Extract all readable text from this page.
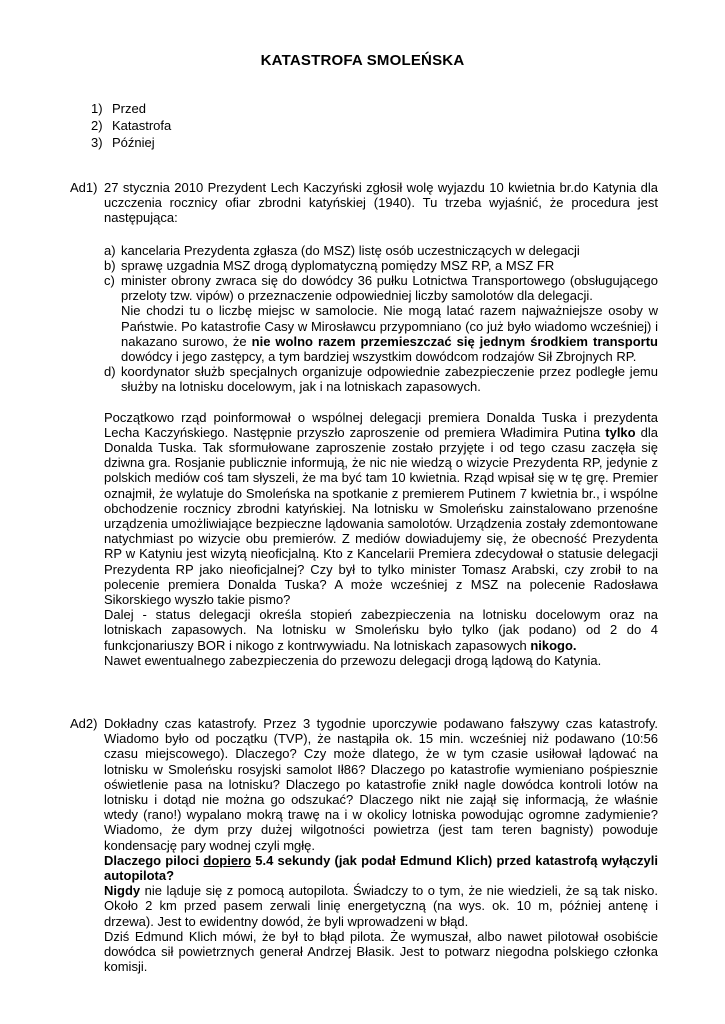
KATASTROFA SMOLEŃSKA
1) Przed
2) Katastrofa
3) Później
Ad1) 27 stycznia 2010 Prezydent Lech Kaczyński zgłosił wolę wyjazdu 10 kwietnia br.do Katynia dla uczczenia rocznicy ofiar zbrodni katyńskiej (1940). Tu trzeba wyjaśnić, że procedura jest następująca:

a) kancelaria Prezydenta zgłasza (do MSZ) listę osób uczestniczących w delegacji
b) sprawę uzgadnia MSZ drogą dyplomatyczną pomiędzy MSZ RP, a MSZ FR
c) minister obrony zwraca się do dowódcy 36 pułku Lotnictwa Transportowego (obsługującego przeloty tzw. vipów) o przeznaczenie odpowiedniej liczby samolotów dla delegacji.
Nie chodzi tu o liczbę miejsc w samolocie. Nie mogą latać razem najważniejsze osoby w Państwie. Po katastrofie Casy w Mirosławcu przypomniano (co już było wiadomo wcześniej) i nakazano surowo, że nie wolno razem przemieszczać się jednym środkiem transportu dowódcy i jego zastępcy, a tym bardziej wszystkim dowódcom rodzajów Sił Zbrojnych RP.
d) koordynator służb specjalnych organizuje odpowiednie zabezpieczenie przez podległe jemu służby na lotnisku docelowym, jak i na lotniskach zapasowych.

Początkowo rząd poinformował o wspólnej delegacji premiera Donalda Tuska i prezydenta Lecha Kaczyńskiego. Następnie przyszło zaproszenie od premiera Władimira Putina tylko dla Donalda Tuska. Tak sformułowane zaproszenie zostało przyjęte i od tego czasu zaczęła się dziwna gra. Rosjanie publicznie informują, że nic nie wiedzą o wizycie Prezydenta RP, jedynie z polskich mediów coś tam słyszeli, że ma być tam 10 kwietnia. Rząd wpisał się w tę grę. Premier oznajmił, że wylatuje do Smoleńska na spotkanie z premierem Putinem 7 kwietnia br., i wspólne obchodzenie rocznicy zbrodni katyńskiej. Na lotnisku w Smoleńsku zainstalowano przenośne urządzenia umożliwiające bezpieczne lądowania samolotów. Urządzenia zostały zdemontowane natychmiast po wizycie obu premierów. Z mediów dowiadujemy się, że obecność Prezydenta RP w Katyniu jest wizytą nieoficjalną. Kto z Kancelarii Premiera zdecydował o statusie delegacji Prezydenta RP jako nieoficjalnej? Czy był to tylko minister Tomasz Arabski, czy zrobił to na polecenie premiera Donalda Tuska? A może wcześniej z MSZ na polecenie Radosława Sikorskiego wyszło takie pismo?

Dalej - status delegacji określa stopień zabezpieczenia na lotnisku docelowym oraz na lotniskach zapasowych. Na lotnisku w Smoleńsku było tylko (jak podano) od 2 do 4 funkcjonariuszy BOR i nikogo z kontrwywiadu. Na lotniskach zapasowych nikogo.

Nawet ewentualnego zabezpieczenia do przewozu delegacji drogą lądową do Katynia.

Ad2) Dokładny czas katastrofy. Przez 3 tygodnie uporczywie podawano fałszywy czas katastrofy. Wiadomo było od początku (TVP), że nastąpiła ok. 15 min. wcześniej niż podawano (10:56 czasu miejscowego). Dlaczego? Czy może dlatego, że w tym czasie usiłował lądować na lotnisku w Smoleńsku rosyjski samolot Ił86? Dlaczego po katastrofie wymieniano pośpiesznie oświetlenie pasa na lotnisku? Dlaczego po katastrofie znikł nagle dowódca kontroli lotów na lotnisku i dotąd nie można go odszukać? Dlaczego nikt nie zajął się informacją, że właśnie wtedy (rano!) wypalano mokrą trawę na i w okolicy lotniska powodując ogromne zadymienie? Wiadomo, że dym przy dużej wilgotności powietrza (jest tam teren bagnisty) powoduje kondensację pary wodnej czyli mgłę.

Dlaczego piloci dopiero 5.4 sekundy (jak podał Edmund Klich) przed katastrofą wyłączyli autopilota?

Nigdy nie ląduje się z pomocą autopilota. Świadczy to o tym, że nie wiedzieli, że są tak nisko. Około 2 km przed pasem zerwali linię energetyczną (na wys. ok. 10 m, później antenę i drzewa). Jest to ewidentny dowód, że byli wprowadzeni w błąd.

Dziś Edmund Klich mówi, że był to błąd pilota. Że wymuszał, albo nawet pilotował osobiście dowódca sił powietrznych generał Andrzej Błasik. Jest to potwarz niegodna polskiego członka komisji.
